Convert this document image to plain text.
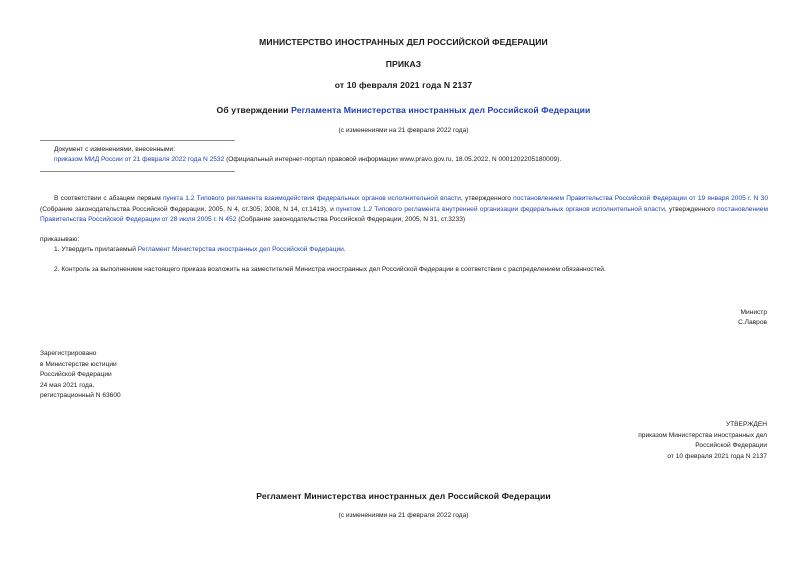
МИНИСТЕРСТВО ИНОСТРАННЫХ ДЕЛ РОССИЙСКОЙ ФЕДЕРАЦИИ
ПРИКАЗ
от 10 февраля 2021 года N 2137
Об утверждении Регламента Министерства иностранных дел Российской Федерации
(с изменениями на 21 февраля 2022 года)
Документ с изменениями, внесенными:
приказом МИД России от 21 февраля 2022 года N 2532 (Официальный интернет-портал правовой информации www.pravo.gov.ru, 18.05.2022, N 0001202205180009).
В соответствии с абзацем первым пункта 1.2 Типового регламента взаимодействия федеральных органов исполнительной власти, утвержденного постановлением Правительства Российской Федерации от 19 января 2005 г. N 30 (Собрание законодательства Российской Федерации, 2005, N 4, ст.305; 2008, N 14, ст.1413), и пунктом 1.2 Типового регламента внутренней организации федеральных органов исполнительной власти, утвержденного постановлением Правительства Российской Федерации от 28 июля 2005 г. N 452 (Собрание законодательства Российской Федерации, 2005, N 31, ст.3233)
приказываю:
1. Утвердить прилагаемый Регламент Министерства иностранных дел Российской Федерации.
2. Контроль за выполнением настоящего приказа возложить на заместителей Министра иностранных дел Российской Федерации в соответствии с распределением обязанностей.
Министр
С.Лавров
Зарегистрировано
в Министерстве юстиции
Российской Федерации
24 мая 2021 года,
регистрационный N 63600
УТВЕРЖДЕН
приказом Министерства иностранных дел
Российской Федерации
от 10 февраля 2021 года N 2137
Регламент Министерства иностранных дел Российской Федерации
(с изменениями на 21 февраля 2022 года)
